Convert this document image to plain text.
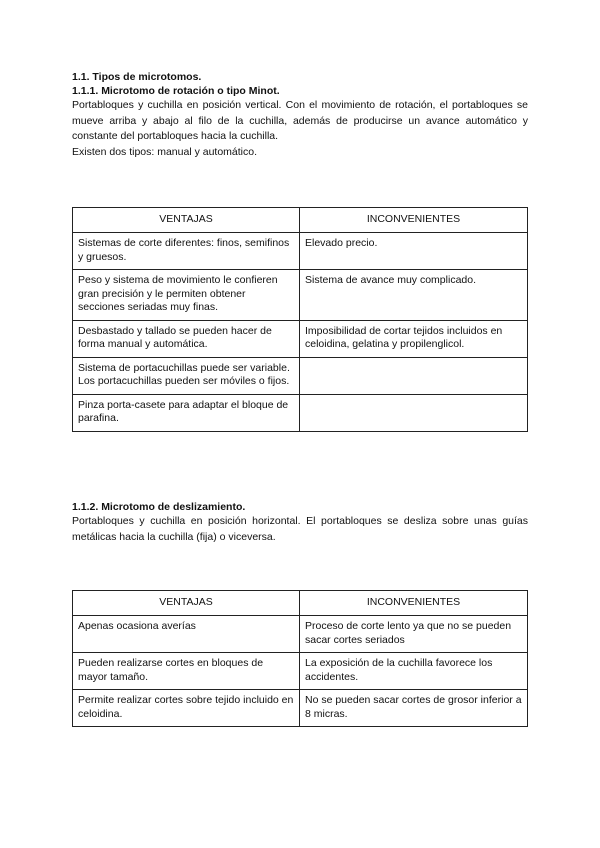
1.1. Tipos de microtomos.
1.1.1. Microtomo de rotación o tipo Minot.

Portabloques y cuchilla en posición vertical. Con el movimiento de rotación, el portabloques se mueve arriba y abajo al filo de la cuchilla, además de producirse un avance automático y constante del portabloques hacia la cuchilla.

Existen dos tipos: manual y automático.

VENTAJAS	INCONVENIENTES
Sistemas de corte diferentes: finos, semifinos y gruesos.	Elevado precio.
Peso y sistema de movimiento le confieren gran precisión y le permiten obtener secciones seriadas muy finas.	Sistema de avance muy complicado.
Desbastado y tallado se pueden hacer de forma manual y automática.	Imposibilidad de cortar tejidos incluidos en celoidina, gelatina y propilenglicol.
Sistema de portacuchillas puede ser variable. Los portacuchillas pueden ser móviles o fijos.	
Pinza porta-casete para adaptar el bloque de parafina.	
1.1.2. Microtomo de deslizamiento.

Portabloques y cuchilla en posición horizontal. El portabloques se desliza sobre unas guías metálicas hacia la cuchilla (fija) o viceversa.

VENTAJAS	INCONVENIENTES
Apenas ocasiona averías	Proceso de corte lento ya que no se pueden sacar cortes seriados
Pueden realizarse cortes en bloques de mayor tamaño.	La exposición de la cuchilla favorece los accidentes.
Permite realizar cortes sobre tejido incluido en celoidina.	No se pueden sacar cortes de grosor inferior a 8 micras.
